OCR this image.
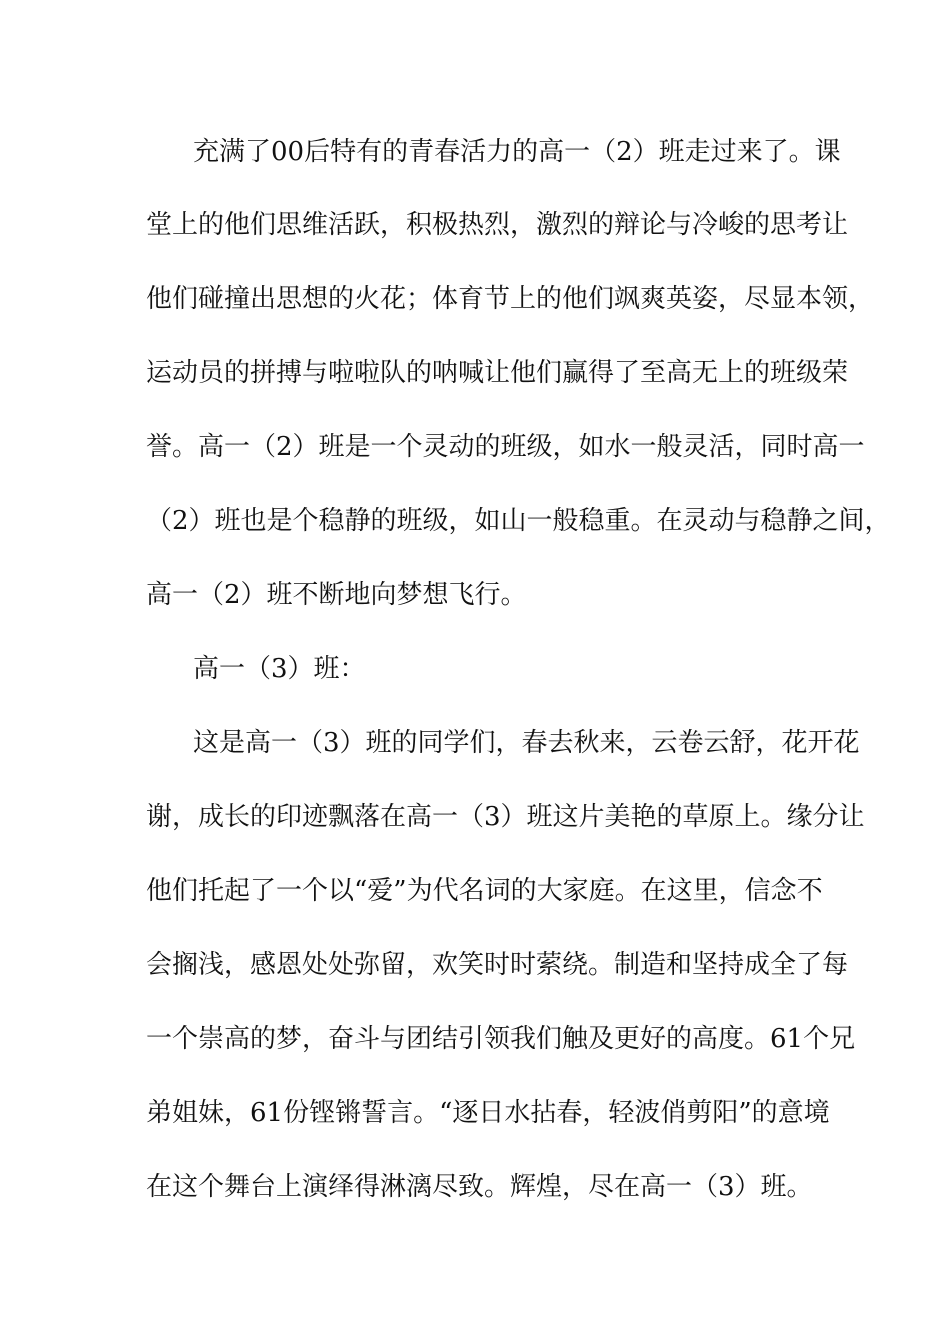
充满了00后特有的青春活力的高一（2）班走过来了。课
堂上的他们思维活跃，积极热烈，激烈的辩论与冷峻的思考让
他们碰撞出思想的火花；体育节上的他们飒爽英姿，尽显本领，
运动员的拼搏与啦啦队的呐喊让他们赢得了至高无上的班级荣
誉。高一（2）班是一个灵动的班级，如水一般灵活，同时高一
（2）班也是个稳静的班级，如山一般稳重。在灵动与稳静之间，
高一（2）班不断地向梦想飞行。
高一（3）班：
这是高一（3）班的同学们，春去秋来，云卷云舒，花开花
谢，成长的印迹飘落在高一（3）班这片美艳的草原上。缘分让
他们托起了一个以“爱”为代名词的大家庭。在这里，信念不
会搁浅，感恩处处弥留，欢笑时时萦绕。制造和坚持成全了每
一个崇高的梦，奋斗与团结引领我们触及更好的高度。61个兄
弟姐妹，61份铿锵誓言。“逐日水拈春，轻波俏剪阳”的意境
在这个舞台上演绎得淋漓尽致。辉煌，尽在高一（3）班。
